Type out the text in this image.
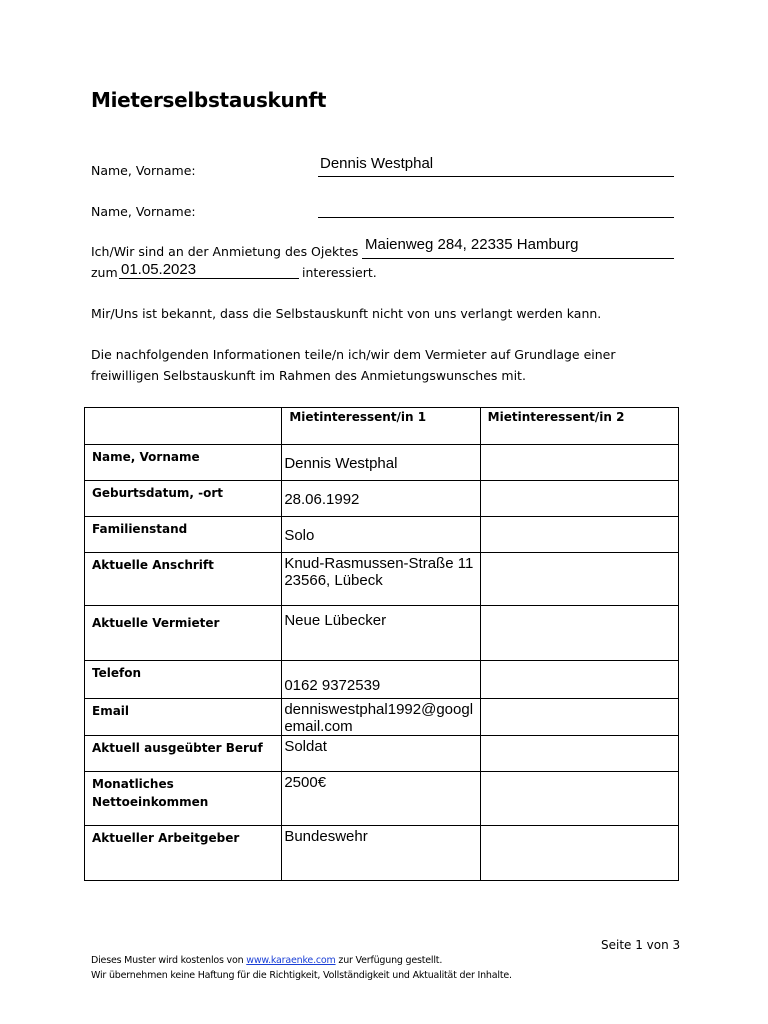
Mieterselbstauskunft
Name, Vorname:	Dennis Westphal
Name, Vorname:
Ich/Wir sind an der Anmietung des Ojektes Maienweg 284, 22335 Hamburg
zum 01.05.2023	interessiert.
Mir/Uns ist bekannt, dass die Selbstauskunft nicht von uns verlangt werden kann.
Die nachfolgenden Informationen teile/n ich/wir dem Vermieter auf Grundlage einer freiwilligen Selbstauskunft im Rahmen des Anmietungswunsches mit.
	Mietinteressent/in 1	Mietinteressent/in 2
Name, Vorname	Dennis Westphal	
Geburtsdatum, -ort	28.06.1992	
Familienstand	Solo	
Aktuelle Anschrift	Knud-Rasmussen-Straße 11 23566, Lübeck	
Aktuelle Vermieter	Neue Lübecker	
Telefon	0162 9372539	
Email	denniswestphal1992@googlemail.com	
Aktuell ausgeübter Beruf	Soldat	
Monatliches Nettoeinkommen	2500€	
Aktueller Arbeitgeber	Bundeswehr	
Seite 1 von 3
Dieses Muster wird kostenlos von www.karaenke.com zur Verfügung gestellt.
Wir übernehmen keine Haftung für die Richtigkeit, Vollständigkeit und Aktualität der Inhalte.
